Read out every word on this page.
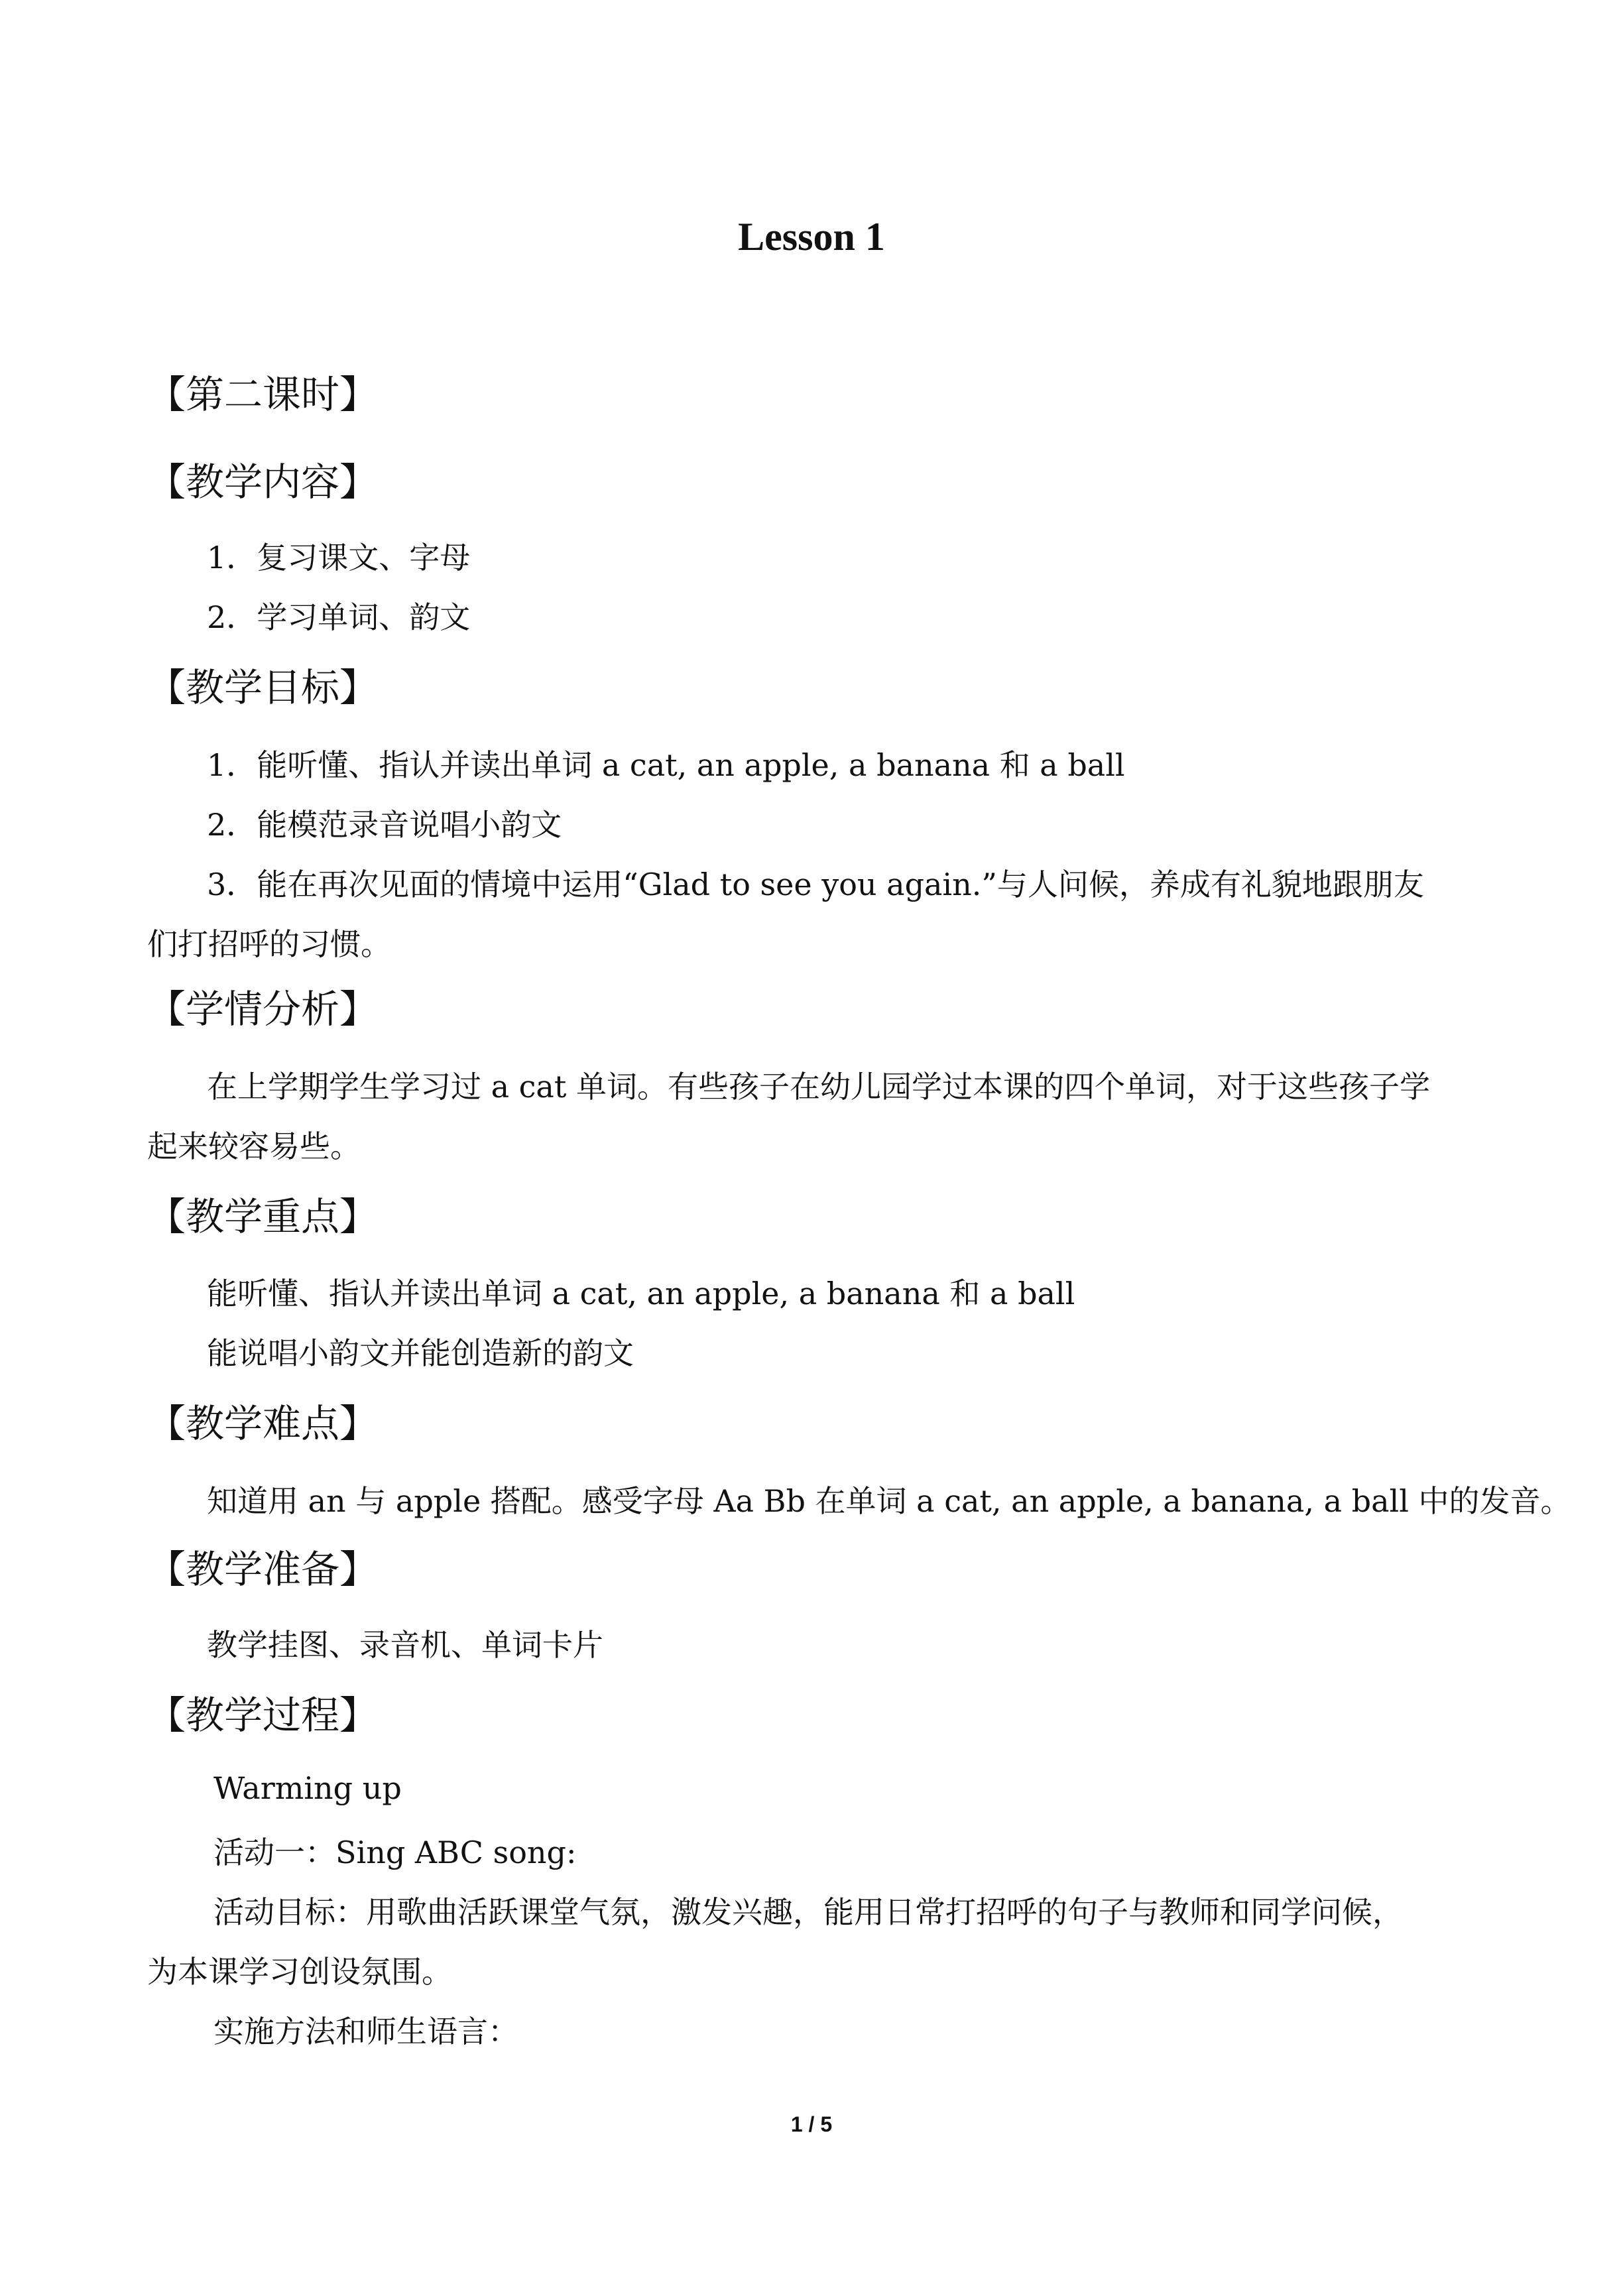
Lesson 1
【第二课时】
【教学内容】
1．复习课文、字母
2．学习单词、韵文
【教学目标】
1．能听懂、指认并读出单词 a cat, an apple, a banana 和 a ball
2．能模范录音说唱小韵文
3．能在再次见面的情境中运用“Glad to see you again.”与人问候，养成有礼貌地跟朋友
们打招呼的习惯。
【学情分析】
在上学期学生学习过 a cat 单词。有些孩子在幼儿园学过本课的四个单词，对于这些孩子学
起来较容易些。
【教学重点】
能听懂、指认并读出单词 a cat, an apple, a banana 和 a ball
能说唱小韵文并能创造新的韵文
【教学难点】
知道用 an 与 apple 搭配。感受字母 Aa Bb 在单词 a cat, an apple, a banana, a ball 中的发音。
【教学准备】
教学挂图、录音机、单词卡片
【教学过程】
Warming up
活动一：Sing ABC song:
活动目标：用歌曲活跃课堂气氛，激发兴趣，能用日常打招呼的句子与教师和同学问候，
为本课学习创设氛围。
实施方法和师生语言：
1 / 5
